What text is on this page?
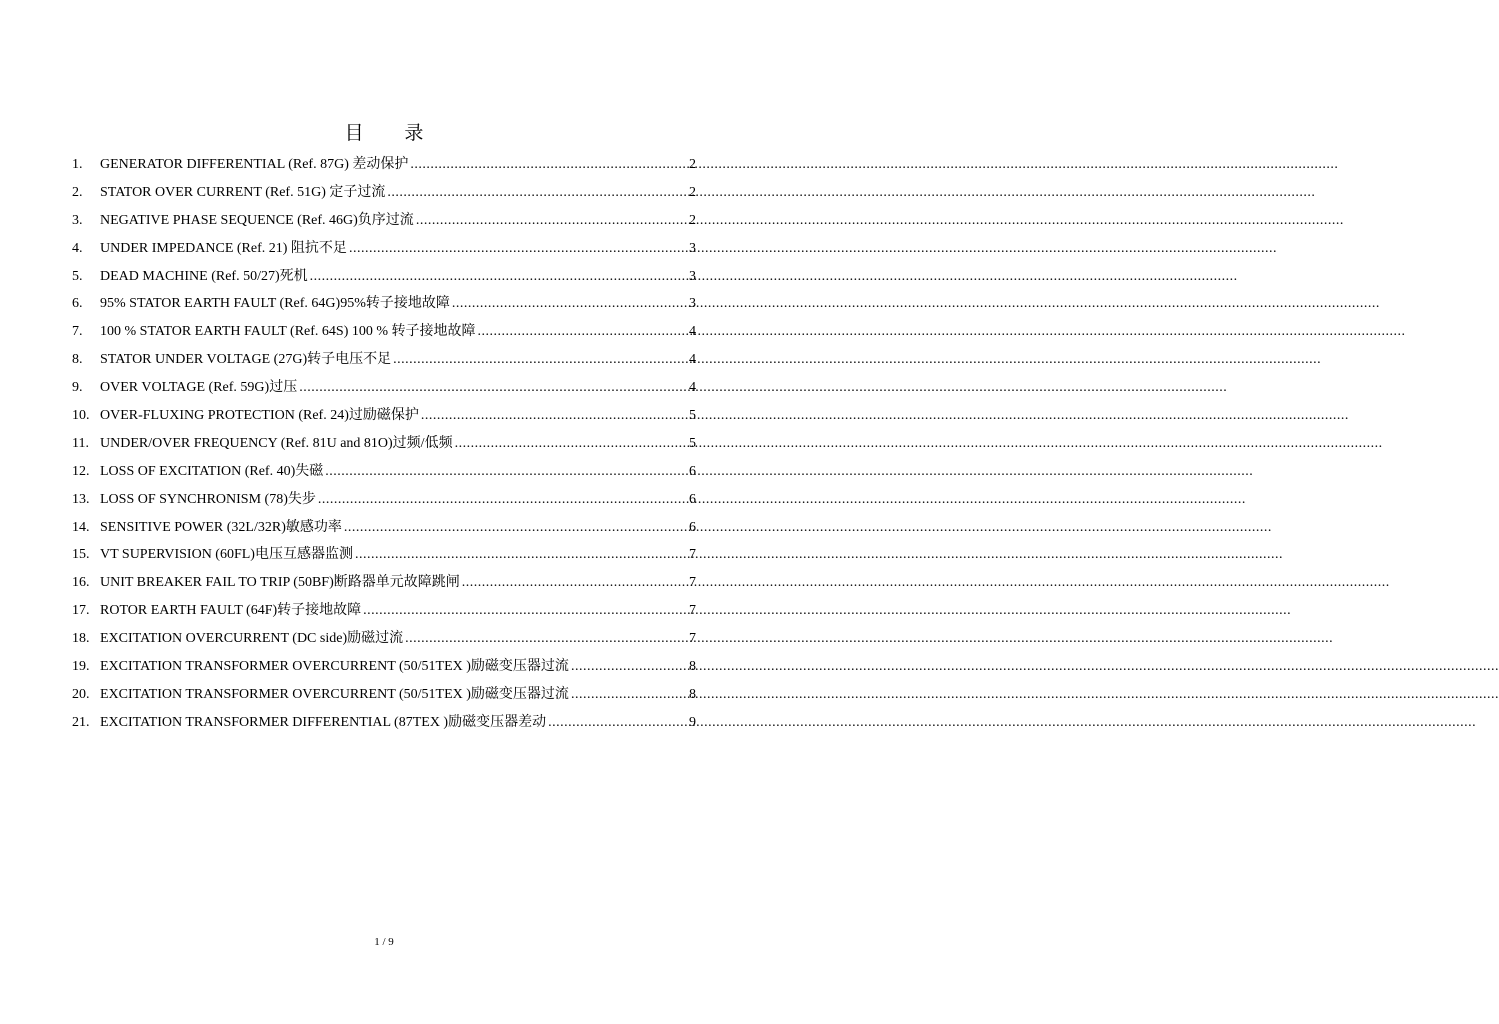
目 录
1.	GENERATOR DIFFERENTIAL (Ref. 87G) 差动保护 .....	2
2.	STATOR OVER CURRENT (Ref. 51G) 定子过流 .....	2
3.	NEGATIVE PHASE SEQUENCE (Ref. 46G)负序过流 .....	2
4.	UNDER IMPEDANCE (Ref. 21) 阻抗不足 .....	3
5.	DEAD MACHINE (Ref. 50/27)死机 .....	3
6.	95% STATOR EARTH FAULT (Ref. 64G)95%转子接地故障 .....	3
7.	100 % STATOR EARTH FAULT (Ref. 64S) 100 % 转子接地故障 .....	4
8.	STATOR UNDER VOLTAGE (27G)转子电压不足 .....	4
9.	OVER VOLTAGE (Ref. 59G)过压 .....	4
10. OVER-FLUXING PROTECTION (Ref. 24)过励磁保护 .....	5
11. UNDER/OVER FREQUENCY (Ref. 81U and 81O)过频/低频 .....	5
12. LOSS OF EXCITATION (Ref. 40)失磁 .....	6
13. LOSS OF SYNCHRONISM (78)失步 .....	6
14. SENSITIVE POWER (32L/32R)敏感功率 .....	6
15. VT SUPERVISION (60FL)电压互感器监测 .....	7
16. UNIT BREAKER FAIL TO TRIP (50BF)断路器单元故障跳闸 .....	7
17. ROTOR EARTH FAULT (64F)转子接地故障 .....	7
18. EXCITATION OVERCURRENT (DC side)励磁过流 .....	7
19. EXCITATION TRANSFORMER OVERCURRENT (50/51TEX )励磁变压器过流 .....	8
20. EXCITATION TRANSFORMER OVERCURRENT (50/51TEX )励磁变压器过流 .....	8
21. EXCITATION TRANSFORMER DIFFERENTIAL (87TEX )励磁变压器差动 .....	9
1 / 9
